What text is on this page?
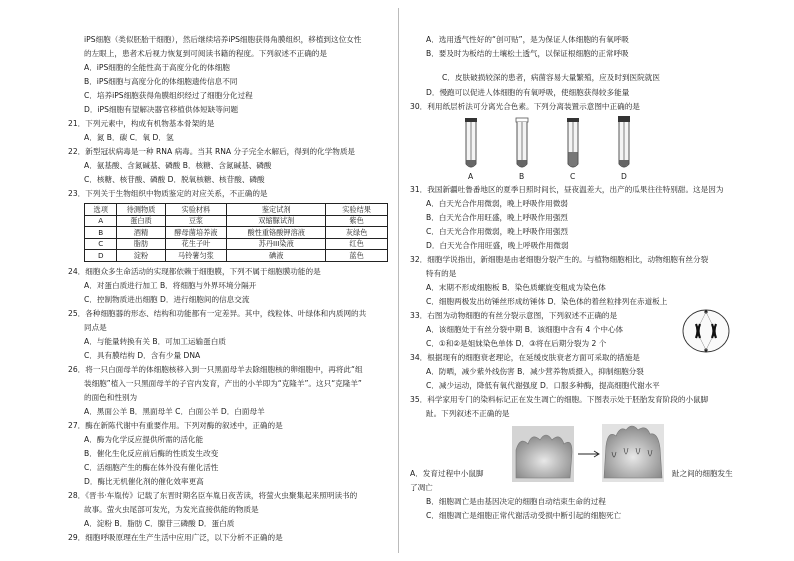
iPS细胞（类似胚胎干细胞），然后继续培养iPS细胞获得角膜组织，移植到这位女性
的左眼上，患者术后视力恢复到可阅读书籍的程度。下列叙述不正确的是
A．iPS细胞的全能性高于高度分化的体细胞
B．iPS细胞与高度分化的体细胞遗传信息不同
C．培养iPS细胞获得角膜组织经过了细胞分化过程
D．iPS细胞有望解决器官移植供体短缺等问题
21．下列元素中，构成有机物基本骨架的是
A．氮 B．碳 C．氧 D．氢
22．新型冠状病毒是一种 RNA 病毒。当其 RNA 分子完全水解后，得到的化学物质是
A．氨基酸、含氮碱基、磷酸 B．核糖、含氮碱基、磷酸
C．核糖、核苷酸、磷酸 D．脱氧核糖、核苷酸、磷酸
23．下列关于生物组织中物质鉴定的对应关系，不正确的是
选项	待测物质	实验材料	鉴定试剂	实验结果
A	蛋白质	豆浆	双缩脲试剂	紫色
B	酒精	酵母菌培养液	酸性重铬酸钾溶液	灰绿色
C	脂肪	花生子叶	苏丹III染液	红色
D	淀粉	马铃薯匀浆	碘液	蓝色
24．细胞众多生命活动的实现都依赖于细胞膜，下列不属于细胞膜功能的是
A．对蛋白质进行加工 B．将细胞与外界环境分隔开
C．控制物质进出细胞 D．进行细胞间的信息交流
25．各种细胞器的形态、结构和功能都有一定差异。其中，线粒体、叶绿体和内质网的共
同点是
A．与能量转换有关 B．可加工运输蛋白质
C．具有膜结构 D．含有少量 DNA
26．将一只白面母羊的体细胞核移入到一只黑面母羊去除细胞核的卵细胞中，再将此“组
装细胞”植入一只黑面母羊的子宫内发育，产出的小羊即为“克隆羊”。这只“克隆羊”
的面色和性别为
A．黑面公羊 B．黑面母羊 C．白面公羊 D．白面母羊
27．酶在新陈代谢中有重要作用。下列对酶的叙述中，正确的是
A．酶为化学反应提供所需的活化能
B．催化生化反应前后酶的性质发生改变
C．活细胞产生的酶在体外没有催化活性
D．酶比无机催化剂的催化效率更高
28．《晋书·车胤传》记载了东晋时期名臣车胤日夜苦读，将萤火虫聚集起来照明读书的
故事。萤火虫尾部可发光，为发光直接供能的物质是
A．淀粉 B．脂肪 C．腺苷三磷酸 D．蛋白质
29．细胞呼吸原理在生产生活中应用广泛，以下分析不正确的是
A．选用透气性好的“创可贴”，是为保证人体细胞的有氧呼吸
B．要及时为板结的土壤松土透气，以保证根细胞的正常呼吸
C．皮肤破损较深的患者，病菌容易大量繁殖，应及时到医院就医
D．慢跑可以促进人体细胞的有氧呼吸，使细胞获得较多能量
30．利用纸层析法可分离光合色素。下列分离装置示意图中正确的是
A	B	C	D
31．我国新疆吐鲁番地区的夏季日照时间长，昼夜温差大，出产的瓜果往往特别甜。这是因为
A．白天光合作用微弱，晚上呼吸作用微弱
B．白天光合作用旺盛，晚上呼吸作用强烈
C．白天光合作用微弱，晚上呼吸作用强烈
D．白天光合作用旺盛，晚上呼吸作用微弱
32．细胞学说指出，新细胞是由老细胞分裂产生的。与植物细胞相比，动物细胞有丝分裂
特有的是
A．末期不形成细胞板 B．染色质螺旋变粗成为染色体
C．细胞两极发出纺锤丝形成纺锤体 D．染色体的着丝粒排列在赤道板上
33．右图为动物细胞的有丝分裂示意图，下列叙述不正确的是
A．该细胞处于有丝分裂中期 B．该细胞中含有 4 个中心体
C．①和②是姐妹染色单体 D．③将在后期分裂为 2 个
34．根据现有的细胞衰老理论，在延缓皮肤衰老方面可采取的措施是
A．防晒，减少紫外线伤害 B．减少营养物质摄入，抑制细胞分裂
C．减少运动，降低有氧代谢强度 D．口服多种酶，提高细胞代谢水平
35．科学家用专门的染料标记正在发生凋亡的细胞。下图表示处于胚胎发育阶段的小鼠脚
趾。下列叙述不正确的是
A．发育过程中小鼠脚	趾之间的细胞发生
了凋亡
B．细胞凋亡是由基因决定的细胞自动结束生命的过程
C．细胞凋亡是细胞正常代谢活动受损中断引起的细胞死亡
